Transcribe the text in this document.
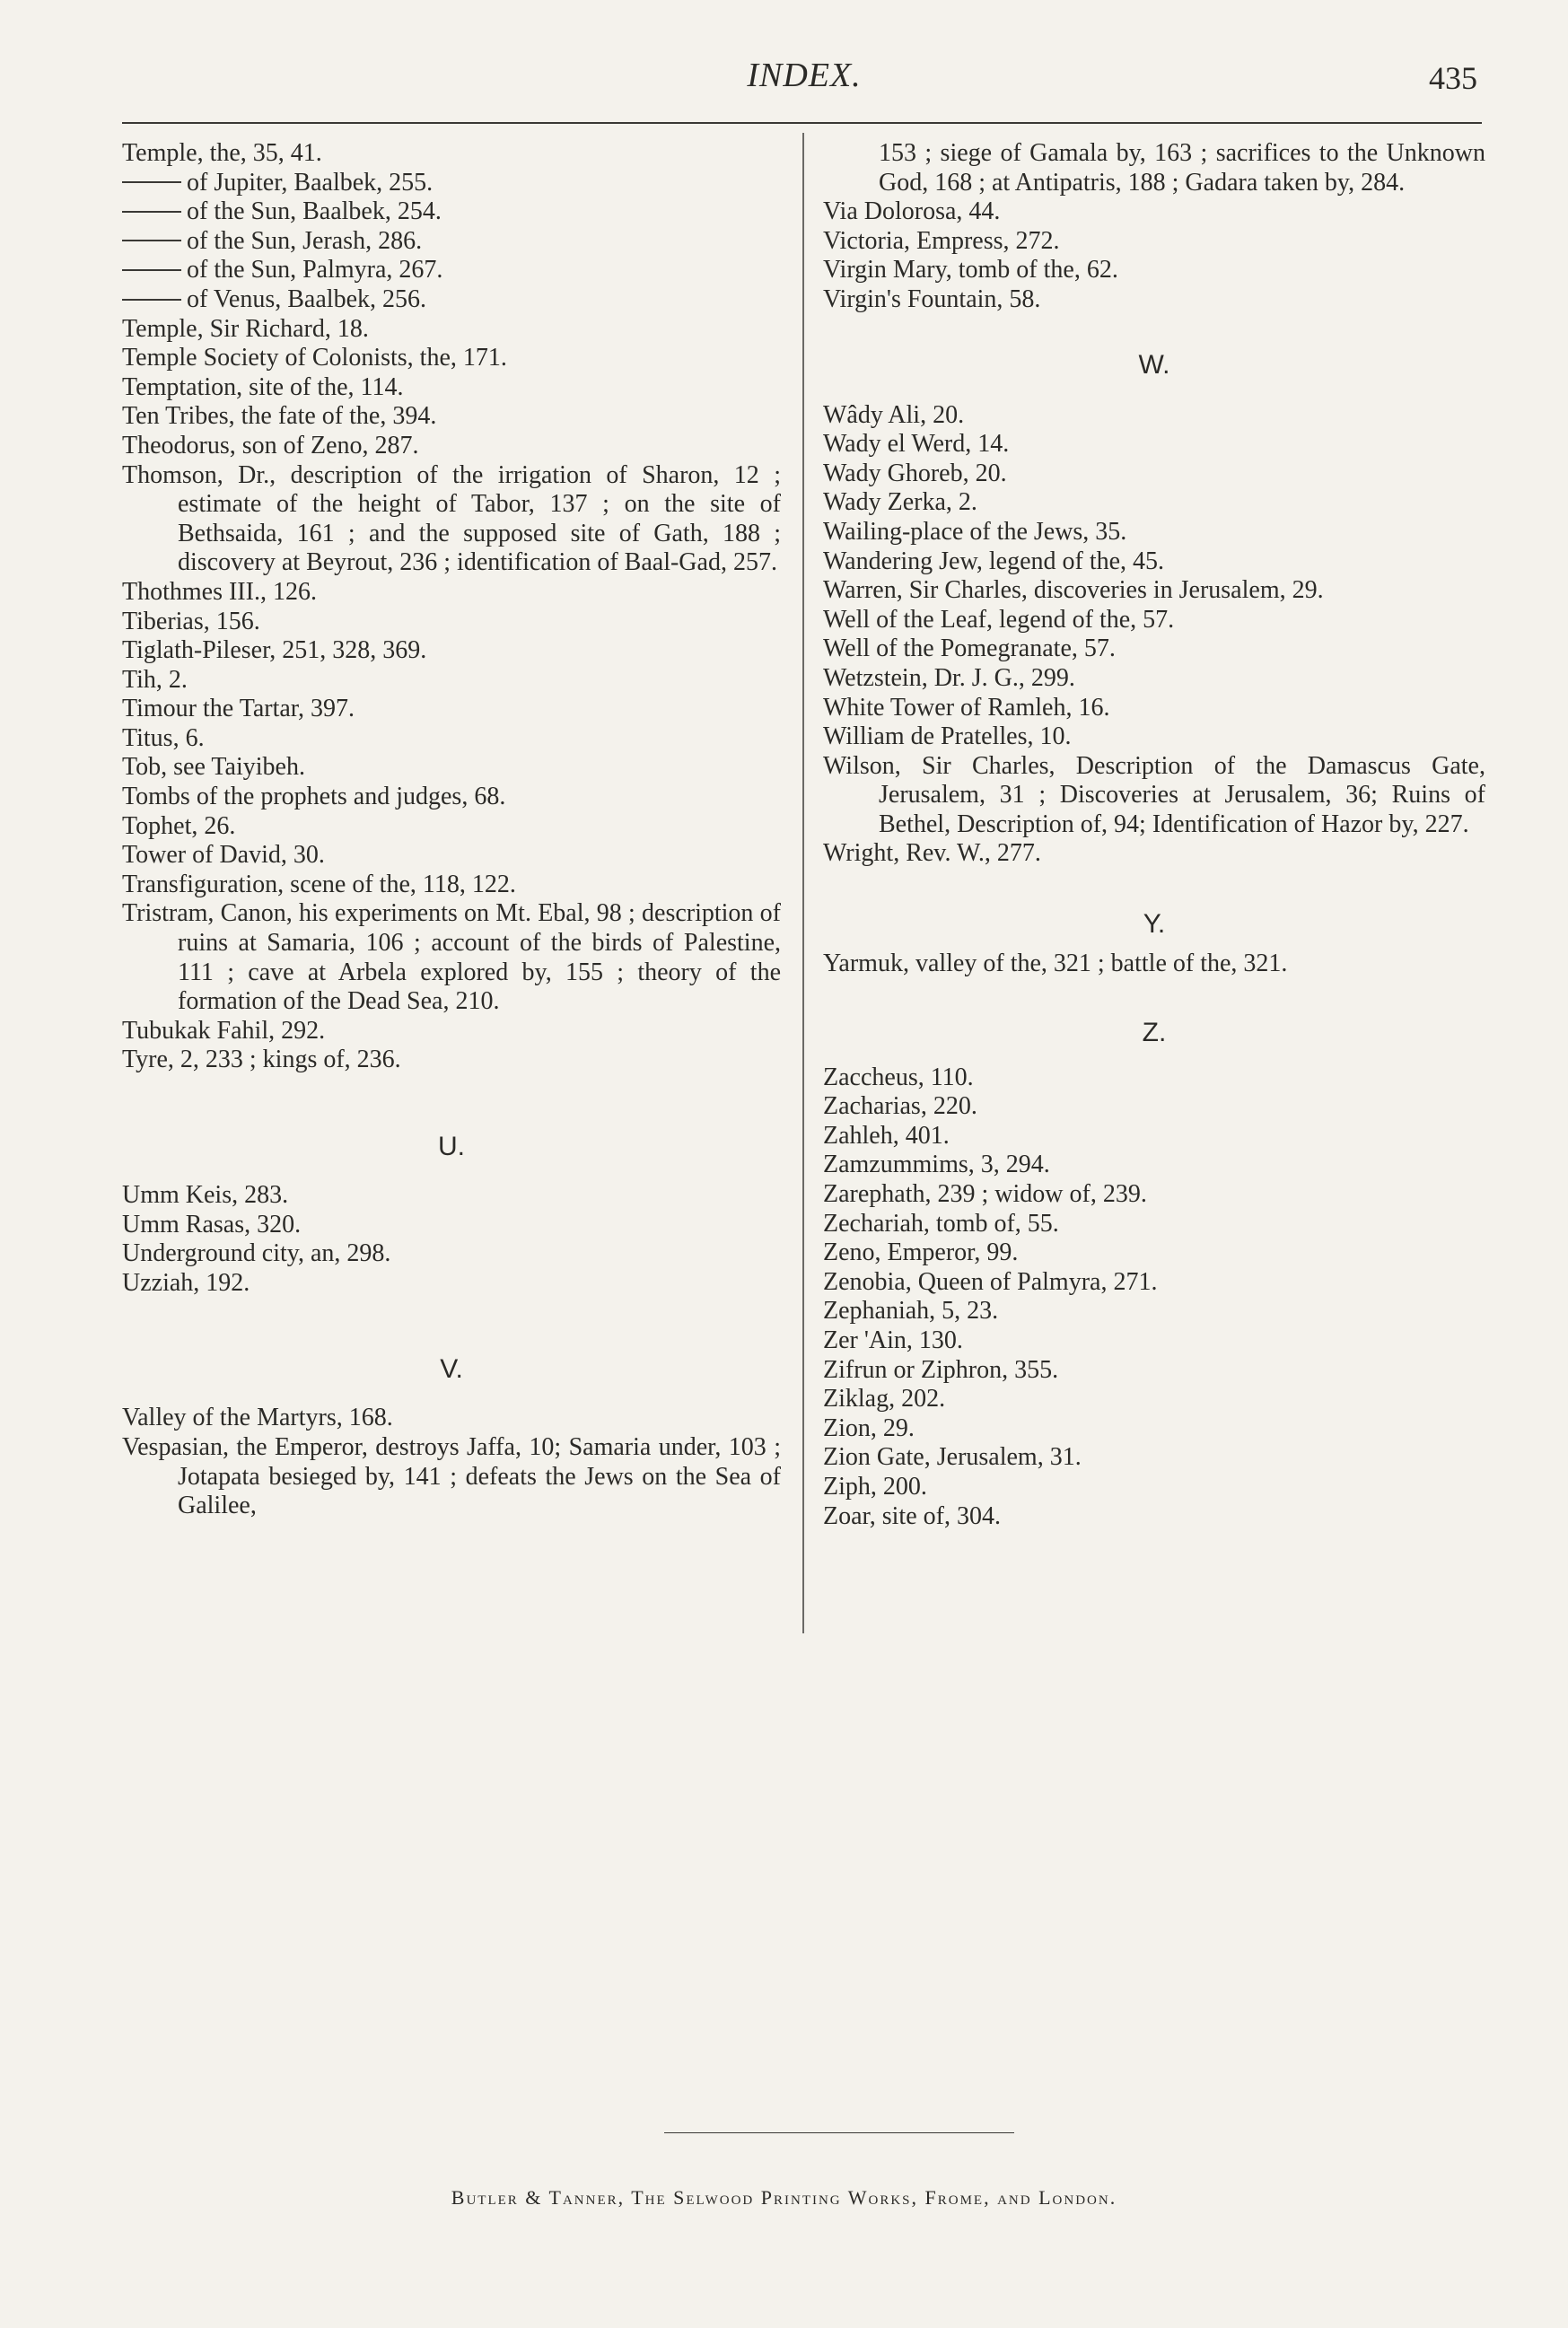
INDEX.	435
Temple, the, 35, 41.
of Jupiter, Baalbek, 255.
of the Sun, Baalbek, 254.
of the Sun, Jerash, 286.
of the Sun, Palmyra, 267.
of Venus, Baalbek, 256.
Temple, Sir Richard, 18.
Temple Society of Colonists, the, 171.
Temptation, site of the, 114.
Ten Tribes, the fate of the, 394.
Theodorus, son of Zeno, 287.
Thomson, Dr., description of the irrigation of Sharon, 12 ; estimate of the height of Tabor, 137 ; on the site of Bethsaida, 161 ; and the supposed site of Gath, 188 ; discovery at Beyrout, 236 ; identification of Baal-Gad, 257.
Thothmes III., 126.
Tiberias, 156.
Tiglath-Pileser, 251, 328, 369.
Tih, 2.
Timour the Tartar, 397.
Titus, 6.
Tob, see Taiyibeh.
Tombs of the prophets and judges, 68.
Tophet, 26.
Tower of David, 30.
Transfiguration, scene of the, 118, 122.
Tristram, Canon, his experiments on Mt. Ebal, 98 ; description of ruins at Samaria, 106 ; account of the birds of Palestine, 111 ; cave at Arbela explored by, 155 ; theory of the formation of the Dead Sea, 210.
Tubukak Fahil, 292.
Tyre, 2, 233 ; kings of, 236.
U.
Umm Keis, 283.
Umm Rasas, 320.
Underground city, an, 298.
Uzziah, 192.
V.
Valley of the Martyrs, 168.
Vespasian, the Emperor, destroys Jaffa, 10; Samaria under, 103 ; Jotapata besieged by, 141 ; defeats the Jews on the Sea of Galilee,
153 ; siege of Gamala by, 163 ; sacrifices to the Unknown God, 168 ; at Antipatris, 188 ; Gadara taken by, 284.
Via Dolorosa, 44.
Victoria, Empress, 272.
Virgin Mary, tomb of the, 62.
Virgin's Fountain, 58.
W.
Wâdy Ali, 20.
Wady el Werd, 14.
Wady Ghoreb, 20.
Wady Zerka, 2.
Wailing-place of the Jews, 35.
Wandering Jew, legend of the, 45.
Warren, Sir Charles, discoveries in Jerusalem, 29.
Well of the Leaf, legend of the, 57.
Well of the Pomegranate, 57.
Wetzstein, Dr. J. G., 299.
White Tower of Ramleh, 16.
William de Pratelles, 10.
Wilson, Sir Charles, Description of the Damascus Gate, Jerusalem, 31 ; Discoveries at Jerusalem, 36; Ruins of Bethel, Description of, 94; Identification of Hazor by, 227.
Wright, Rev. W., 277.
Y.
Yarmuk, valley of the, 321 ; battle of the, 321.
Z.
Zaccheus, 110.
Zacharias, 220.
Zahleh, 401.
Zamzummims, 3, 294.
Zarephath, 239 ; widow of, 239.
Zechariah, tomb of, 55.
Zeno, Emperor, 99.
Zenobia, Queen of Palmyra, 271.
Zephaniah, 5, 23.
Zer 'Ain, 130.
Zifrun or Ziphron, 355.
Ziklag, 202.
Zion, 29.
Zion Gate, Jerusalem, 31.
Ziph, 200.
Zoar, site of, 304.
Butler & Tanner, The Selwood Printing Works, Frome, and London.
